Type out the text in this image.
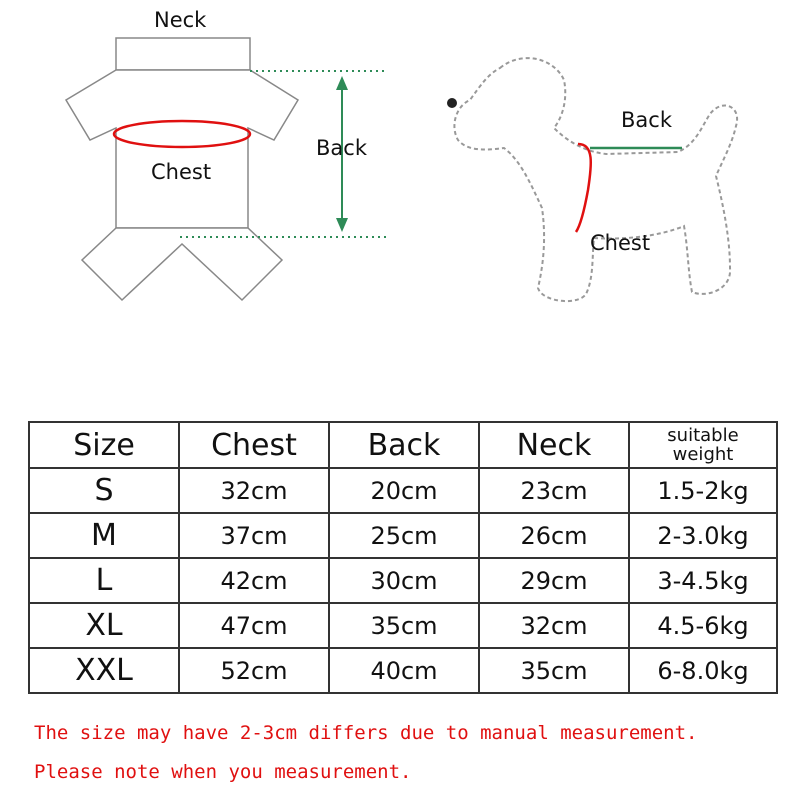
Neck
Back
Chest
Back
Chest
Size	Chest	Back	Neck	suitable
weight

S	32cm	20cm	23cm	1.5-2kg
M	37cm	25cm	26cm	2-3.0kg
L	42cm	30cm	29cm	3-4.5kg
XL	47cm	35cm	32cm	4.5-6kg
XXL	52cm	40cm	35cm	6-8.0kg
The size may have 2-3cm differs due to manual measurement.
Please note when you measurement.
